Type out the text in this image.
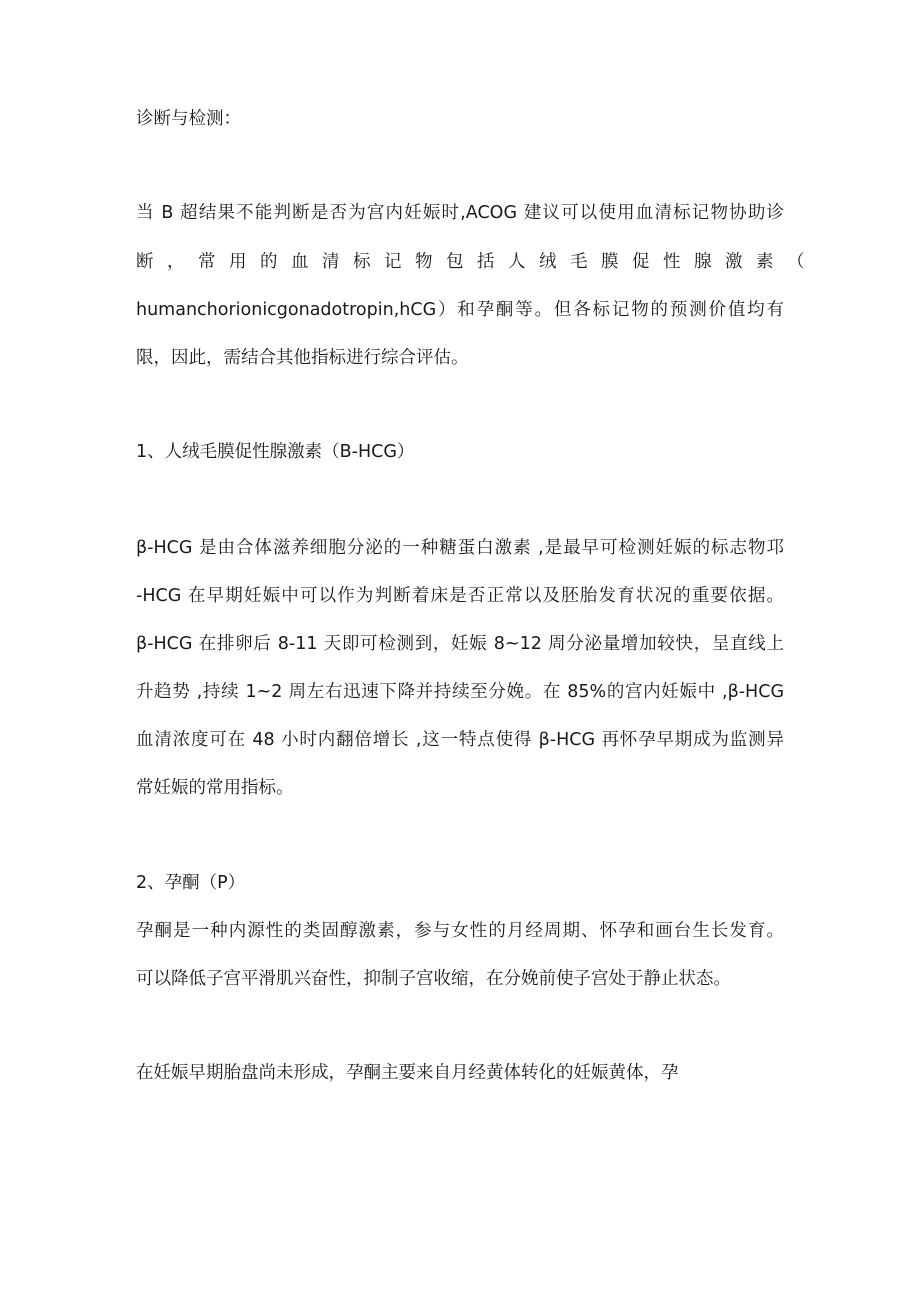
诊断与检测：

当 B 超结果不能判断是否为宫内妊娠时,ACOG 建议可以使用血清标记物协助诊

断，常用的血清标记物包括人绒毛膜促性腺激素（

humanchorionicgonadotropin,hCG）和孕酮等。但各标记物的预测价值均有

限，因此，需结合其他指标进行综合评估。

1、人绒毛膜促性腺激素（B-HCG）

β-HCG 是由合体滋养细胞分泌的一种糖蛋白激素 ,是最早可检测妊娠的标志物邛

-HCG 在早期妊娠中可以作为判断着床是否正常以及胚胎发育状况的重要依据。

β-HCG 在排卵后 8-11 天即可检测到，妊娠 8~12 周分泌量增加较快，呈直线上

升趋势 ,持续 1~2 周左右迅速下降并持续至分娩。在 85%的宫内妊娠中 ,β-HCG

血清浓度可在 48 小时内翻倍增长 ,这一特点使得 β-HCG 再怀孕早期成为监测异

常妊娠的常用指标。

2、孕酮（P）

孕酮是一种内源性的类固醇激素，参与女性的月经周期、怀孕和画台生长发育。

可以降低子宫平滑肌兴奋性，抑制子宫收缩，在分娩前使子宫处于静止状态。

在妊娠早期胎盘尚未形成，孕酮主要来自月经黄体转化的妊娠黄体，孕
